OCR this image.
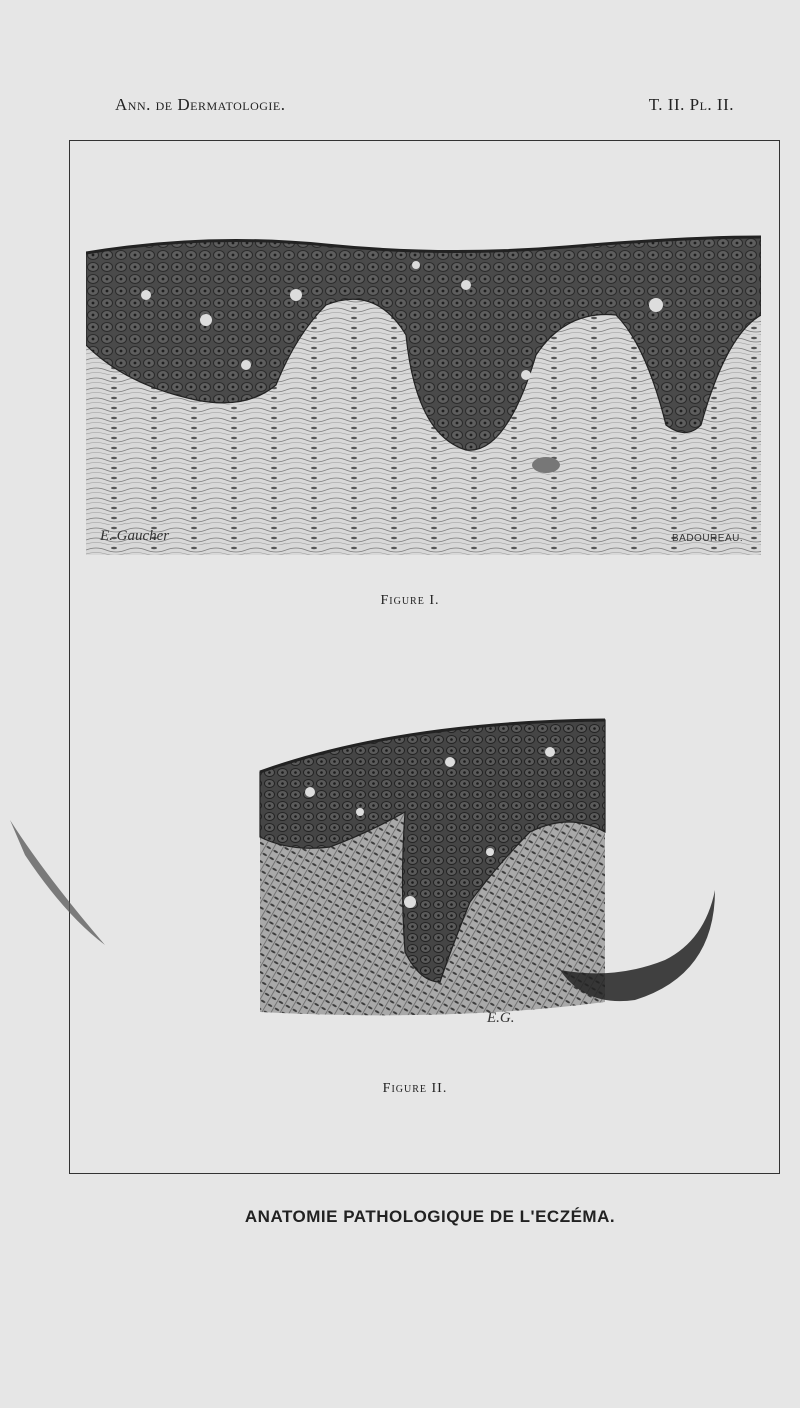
Ann. de Dermatologie.	T. II. Pl. II.
Figure I.
E. Gaucher	BADOUREAU.
E.G.
Figure II.
ANATOMIE PATHOLOGIQUE DE L'ECZÉMA.
